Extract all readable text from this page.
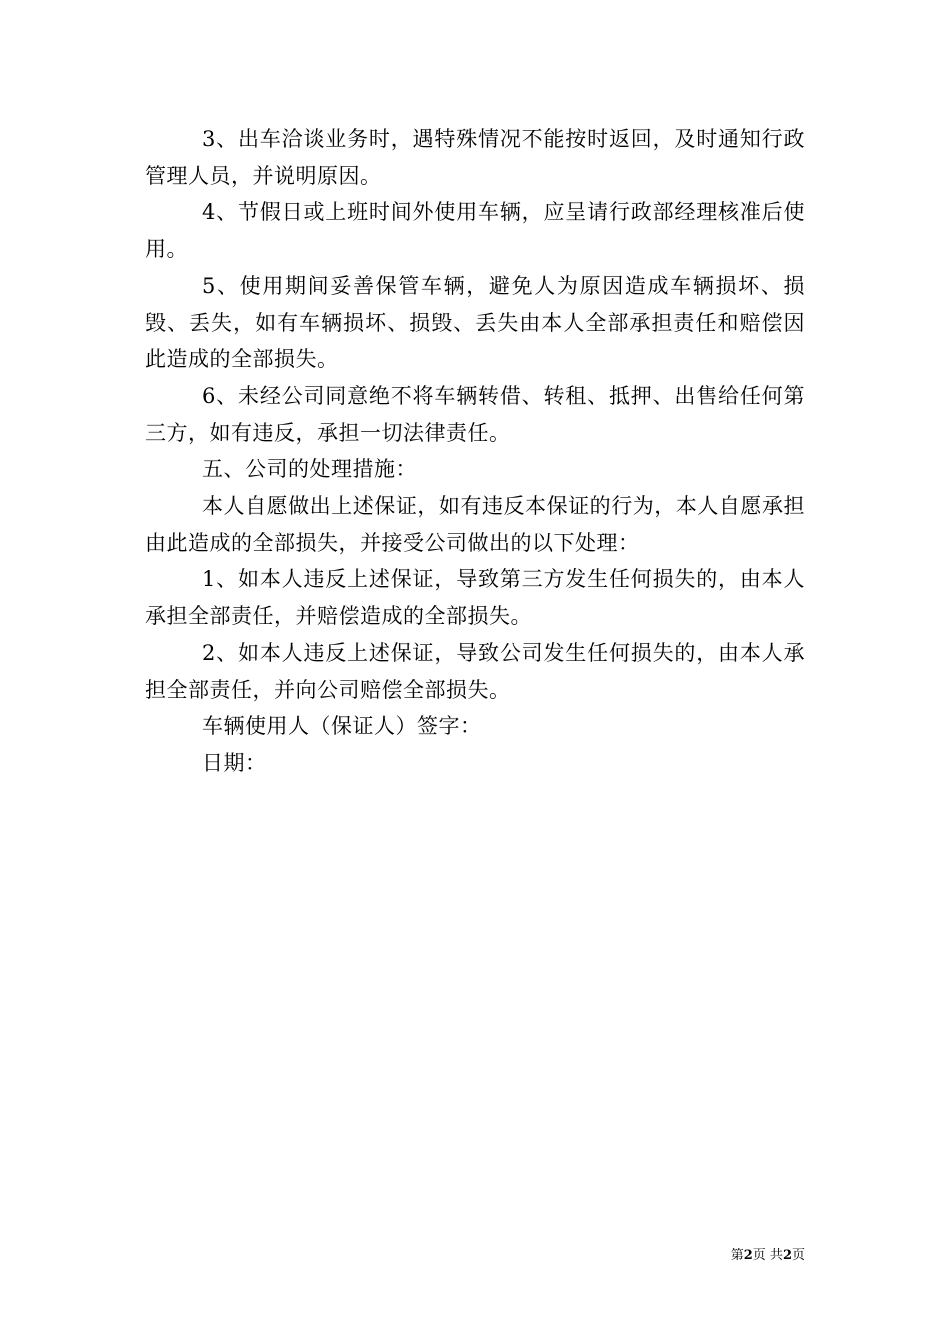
3、出车洽谈业务时，遇特殊情况不能按时返回，及时通知行政管理人员，并说明原因。

4、节假日或上班时间外使用车辆，应呈请行政部经理核准后使用。

5、使用期间妥善保管车辆，避免人为原因造成车辆损坏、损毁、丢失，如有车辆损坏、损毁、丢失由本人全部承担责任和赔偿因此造成的全部损失。

6、未经公司同意绝不将车辆转借、转租、抵押、出售给任何第三方，如有违反，承担一切法律责任。

五、公司的处理措施：

本人自愿做出上述保证，如有违反本保证的行为，本人自愿承担由此造成的全部损失，并接受公司做出的以下处理：

1、如本人违反上述保证，导致第三方发生任何损失的，由本人承担全部责任，并赔偿造成的全部损失。

2、如本人违反上述保证，导致公司发生任何损失的，由本人承担全部责任，并向公司赔偿全部损失。

车辆使用人（保证人）签字：

日期：

第2页 共2页
